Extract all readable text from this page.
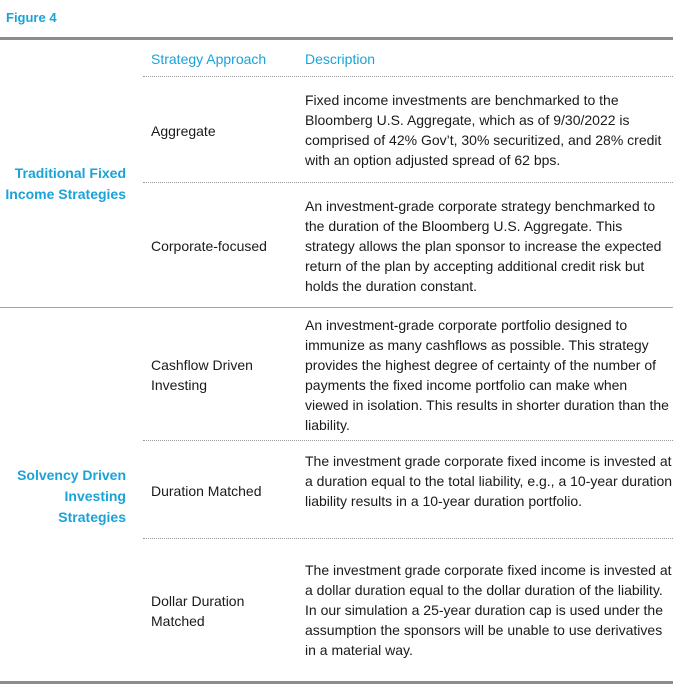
Figure 4
Strategy Approach	Description
Traditional Fixed Income Strategies
Aggregate
Fixed income investments are benchmarked to the Bloomberg U.S. Aggregate, which as of 9/30/2022 is comprised of 42% Gov’t, 30% securitized, and 28% credit with an option adjusted spread of 62 bps.
Corporate-focused
An investment-grade corporate strategy benchmarked to the duration of the Bloomberg U.S. Aggregate. This strategy allows the plan sponsor to increase the expected return of the plan by accepting additional credit risk but holds the duration constant.
Solvency Driven Investing Strategies
Cashflow Driven Investing
An investment-grade corporate portfolio designed to immunize as many cashflows as possible. This strategy provides the highest degree of certainty of the number of payments the fixed income portfolio can make when viewed in isolation. This results in shorter duration than the liability.
Duration Matched
The investment grade corporate fixed income is invested at a duration equal to the total liability, e.g., a 10-year duration liability results in a 10-year duration portfolio.
Dollar Duration Matched
The investment grade corporate fixed income is invested at a dollar duration equal to the dollar duration of the liability. In our simulation a 25-year duration cap is used under the assumption the sponsors will be unable to use derivatives in a material way.
